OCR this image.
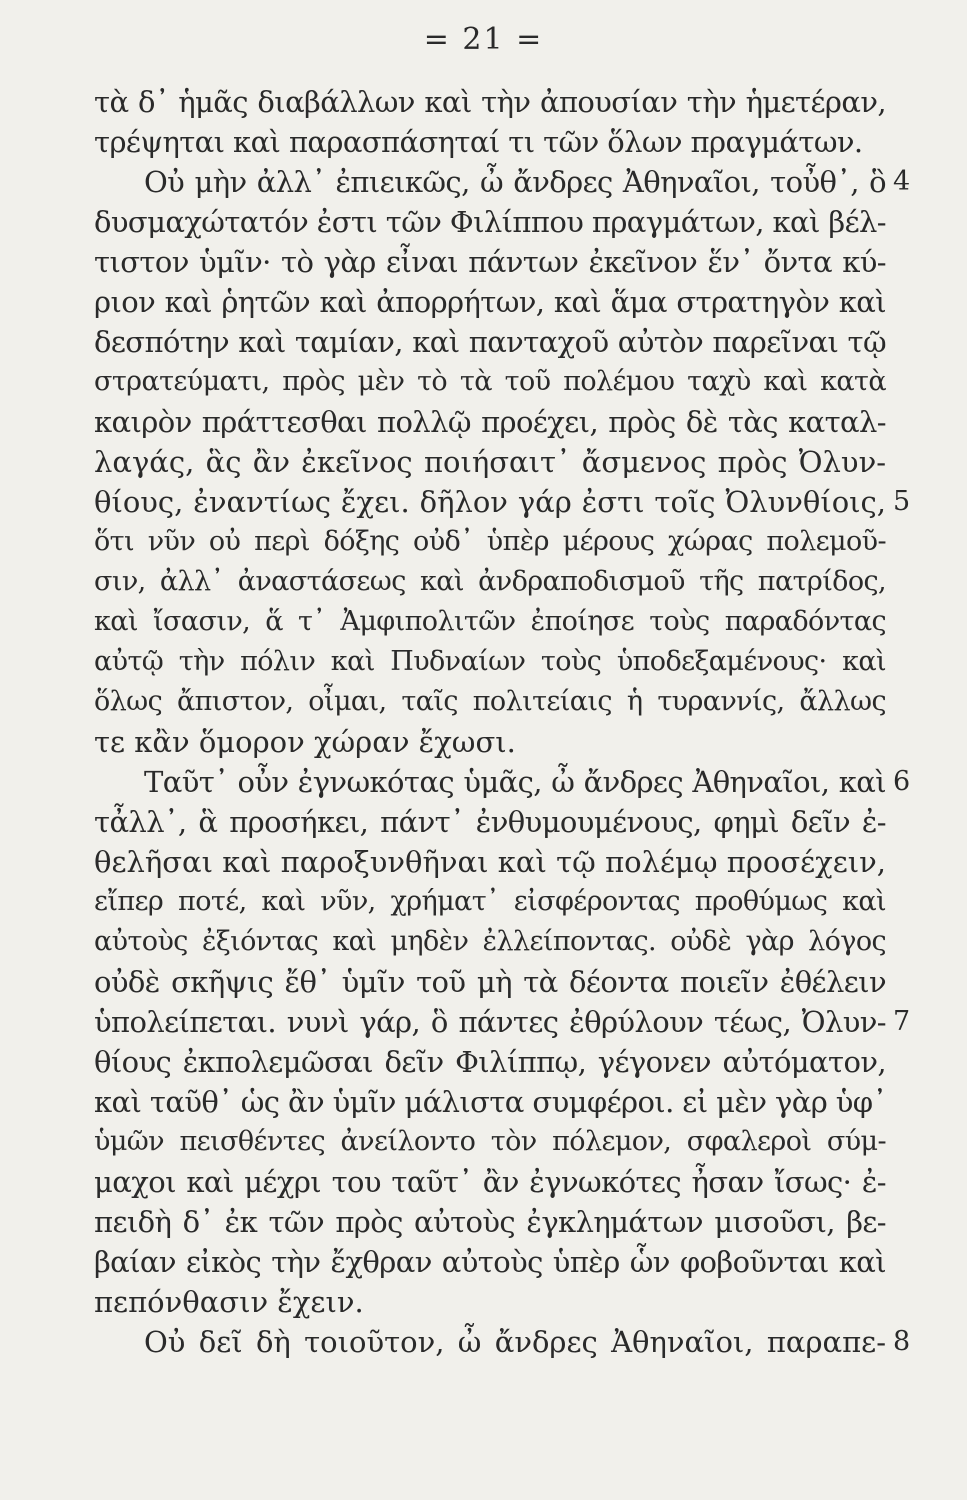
= 21 =
τὰ δ᾽ ἡμᾶς διαβάλλων καὶ τὴν ἀπουσίαν τὴν ἡμετέραν,
τρέψηται καὶ παρασπάσηταί τι τῶν ὅλων πραγμάτων.
Οὐ μὴν ἀλλ᾽ ἐπιεικῶς, ὦ ἄνδρες Ἀθηναῖοι, τοὖθ᾽, ὃ
δυσμαχώτατόν ἐστι τῶν Φιλίππου πραγμάτων, καὶ βέλ-
τιστον ὑμῖν· τὸ γὰρ εἶναι πάντων ἐκεῖνον ἕν᾽ ὄντα κύ-
ριον καὶ ῥητῶν καὶ ἀπορρήτων, καὶ ἅμα στρατηγὸν καὶ
δεσπότην καὶ ταμίαν, καὶ πανταχοῦ αὐτὸν παρεῖναι τῷ
στρατεύματι, πρὸς μὲν τὸ τὰ τοῦ πολέμου ταχὺ καὶ κατὰ
καιρὸν πράττεσθαι πολλῷ προέχει, πρὸς δὲ τὰς καταλ-
λαγάς, ἃς ἂν ἐκεῖνος ποιήσαιτ᾽ ἄσμενος πρὸς Ὀλυν-
θίους, ἐναντίως ἔχει. δῆλον γάρ ἐστι τοῖς Ὀλυνθίοις,
ὅτι νῦν οὐ περὶ δόξης οὐδ᾽ ὑπὲρ μέρους χώρας πολεμοῦ-
σιν, ἀλλ᾽ ἀναστάσεως καὶ ἀνδραποδισμοῦ τῆς πατρίδος,
καὶ ἴσασιν, ἅ τ᾽ Ἀμφιπολιτῶν ἐποίησε τοὺς παραδόντας
αὐτῷ τὴν πόλιν καὶ Πυδναίων τοὺς ὑποδεξαμένους· καὶ
ὅλως ἄπιστον, οἶμαι, ταῖς πολιτείαις ἡ τυραννίς, ἄλλως
τε κἂν ὅμορον χώραν ἔχωσι.
Ταῦτ᾽ οὖν ἐγνωκότας ὑμᾶς, ὦ ἄνδρες Ἀθηναῖοι, καὶ
τἆλλ᾽, ἃ προσήκει, πάντ᾽ ἐνθυμουμένους, φημὶ δεῖν ἐ-
θελῆσαι καὶ παροξυνθῆναι καὶ τῷ πολέμῳ προσέχειν,
εἴπερ ποτέ, καὶ νῦν, χρήματ᾽ εἰσφέροντας προθύμως καὶ
αὐτοὺς ἐξιόντας καὶ μηδὲν ἐλλείποντας. οὐδὲ γὰρ λόγος
οὐδὲ σκῆψις ἔθ᾽ ὑμῖν τοῦ μὴ τὰ δέοντα ποιεῖν ἐθέλειν
ὑπολείπεται. νυνὶ γάρ, ὃ πάντες ἐθρύλουν τέως, Ὀλυν-
θίους ἐκπολεμῶσαι δεῖν Φιλίππῳ, γέγονεν αὐτόματον,
καὶ ταῦθ᾽ ὡς ἂν ὑμῖν μάλιστα συμφέροι. εἰ μὲν γὰρ ὑφ᾽
ὑμῶν πεισθέντες ἀνείλοντο τὸν πόλεμον, σφαλεροὶ σύμ-
μαχοι καὶ μέχρι του ταῦτ᾽ ἂν ἐγνωκότες ἦσαν ἴσως· ἐ-
πειδὴ δ᾽ ἐκ τῶν πρὸς αὐτοὺς ἐγκλημάτων μισοῦσι, βε-
βαίαν εἰκὸς τὴν ἔχθραν αὐτοὺς ὑπὲρ ὧν φοβοῦνται καὶ
πεπόνθασιν ἔχειν.
Οὐ δεῖ δὴ τοιοῦτον, ὦ ἄνδρες Ἀθηναῖοι, παραπε-
4
5
6
7
8
